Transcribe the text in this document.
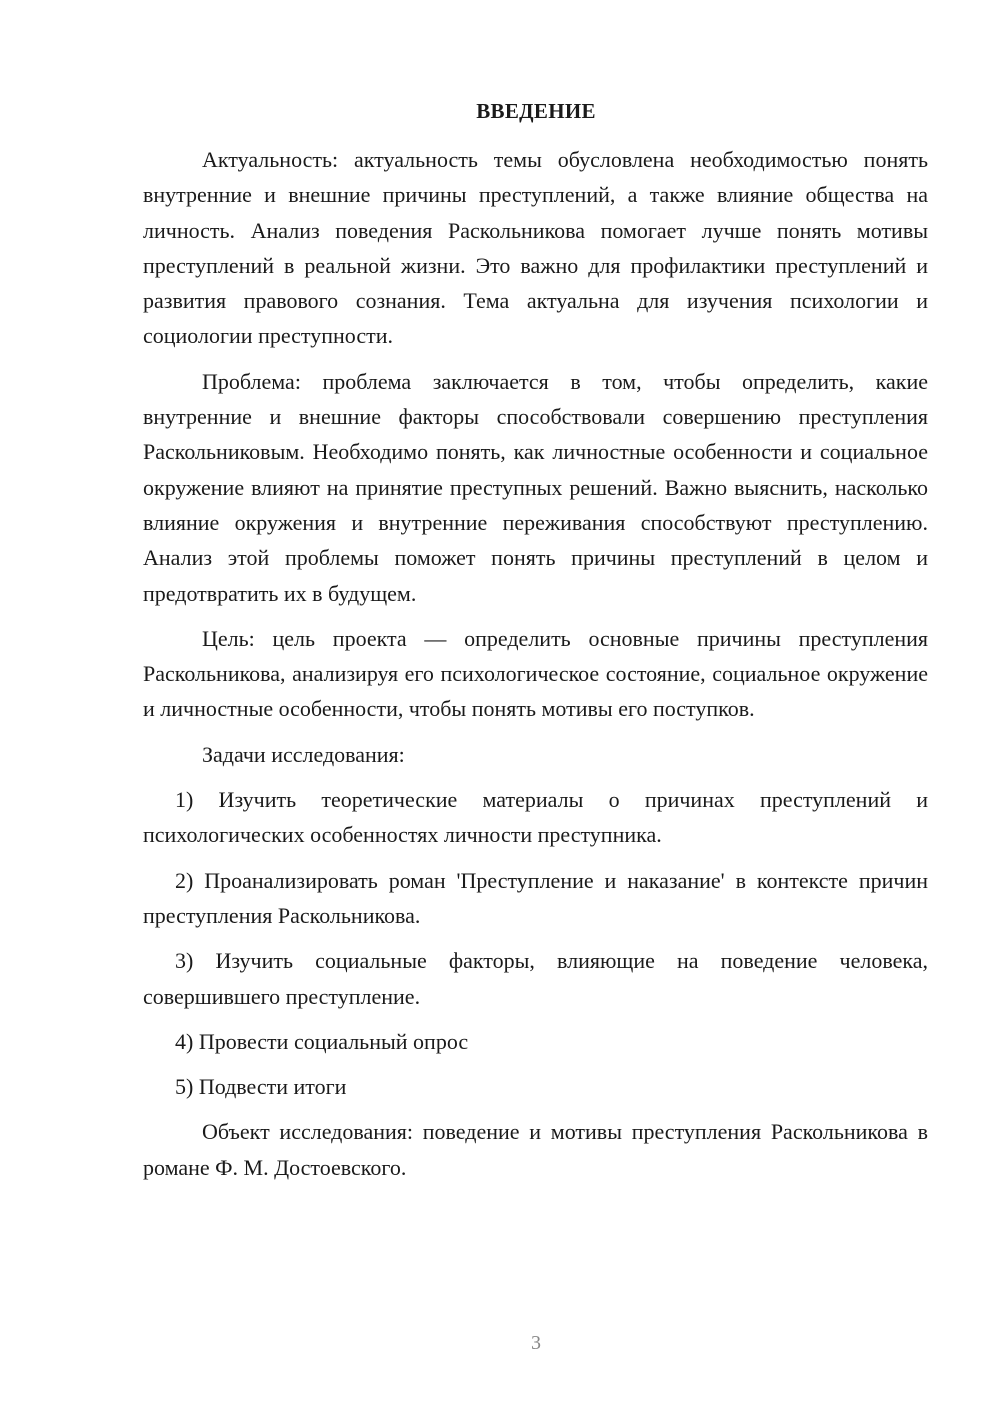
ВВЕДЕНИЕ

Актуальность: актуальность темы обусловлена необходимостью понять внутренние и внешние причины преступлений, а также влияние общества на личность. Анализ поведения Раскольникова помогает лучше понять мотивы преступлений в реальной жизни. Это важно для профилактики преступлений и развития правового сознания. Тема актуальна для изучения психологии и социологии преступности.

Проблема: проблема заключается в том, чтобы определить, какие внутренние и внешние факторы способствовали совершению преступления Раскольниковым. Необходимо понять, как личностные особенности и социальное окружение влияют на принятие преступных решений. Важно выяснить, насколько влияние окружения и внутренние переживания способствуют преступлению. Анализ этой проблемы поможет понять причины преступлений в целом и предотвратить их в будущем.

Цель: цель проекта — определить основные причины преступления Раскольникова, анализируя его психологическое состояние, социальное окружение и личностные особенности, чтобы понять мотивы его поступков.

Задачи исследования:

1) Изучить теоретические материалы о причинах преступлений и психологических особенностях личности преступника.

2) Проанализировать роман 'Преступление и наказание' в контексте причин преступления Раскольникова.

3) Изучить социальные факторы, влияющие на поведение человека, совершившего преступление.

4) Провести социальный опрос

5) Подвести итоги

Объект исследования: поведение и мотивы преступления Раскольникова в романе Ф. М. Достоевского.

3
